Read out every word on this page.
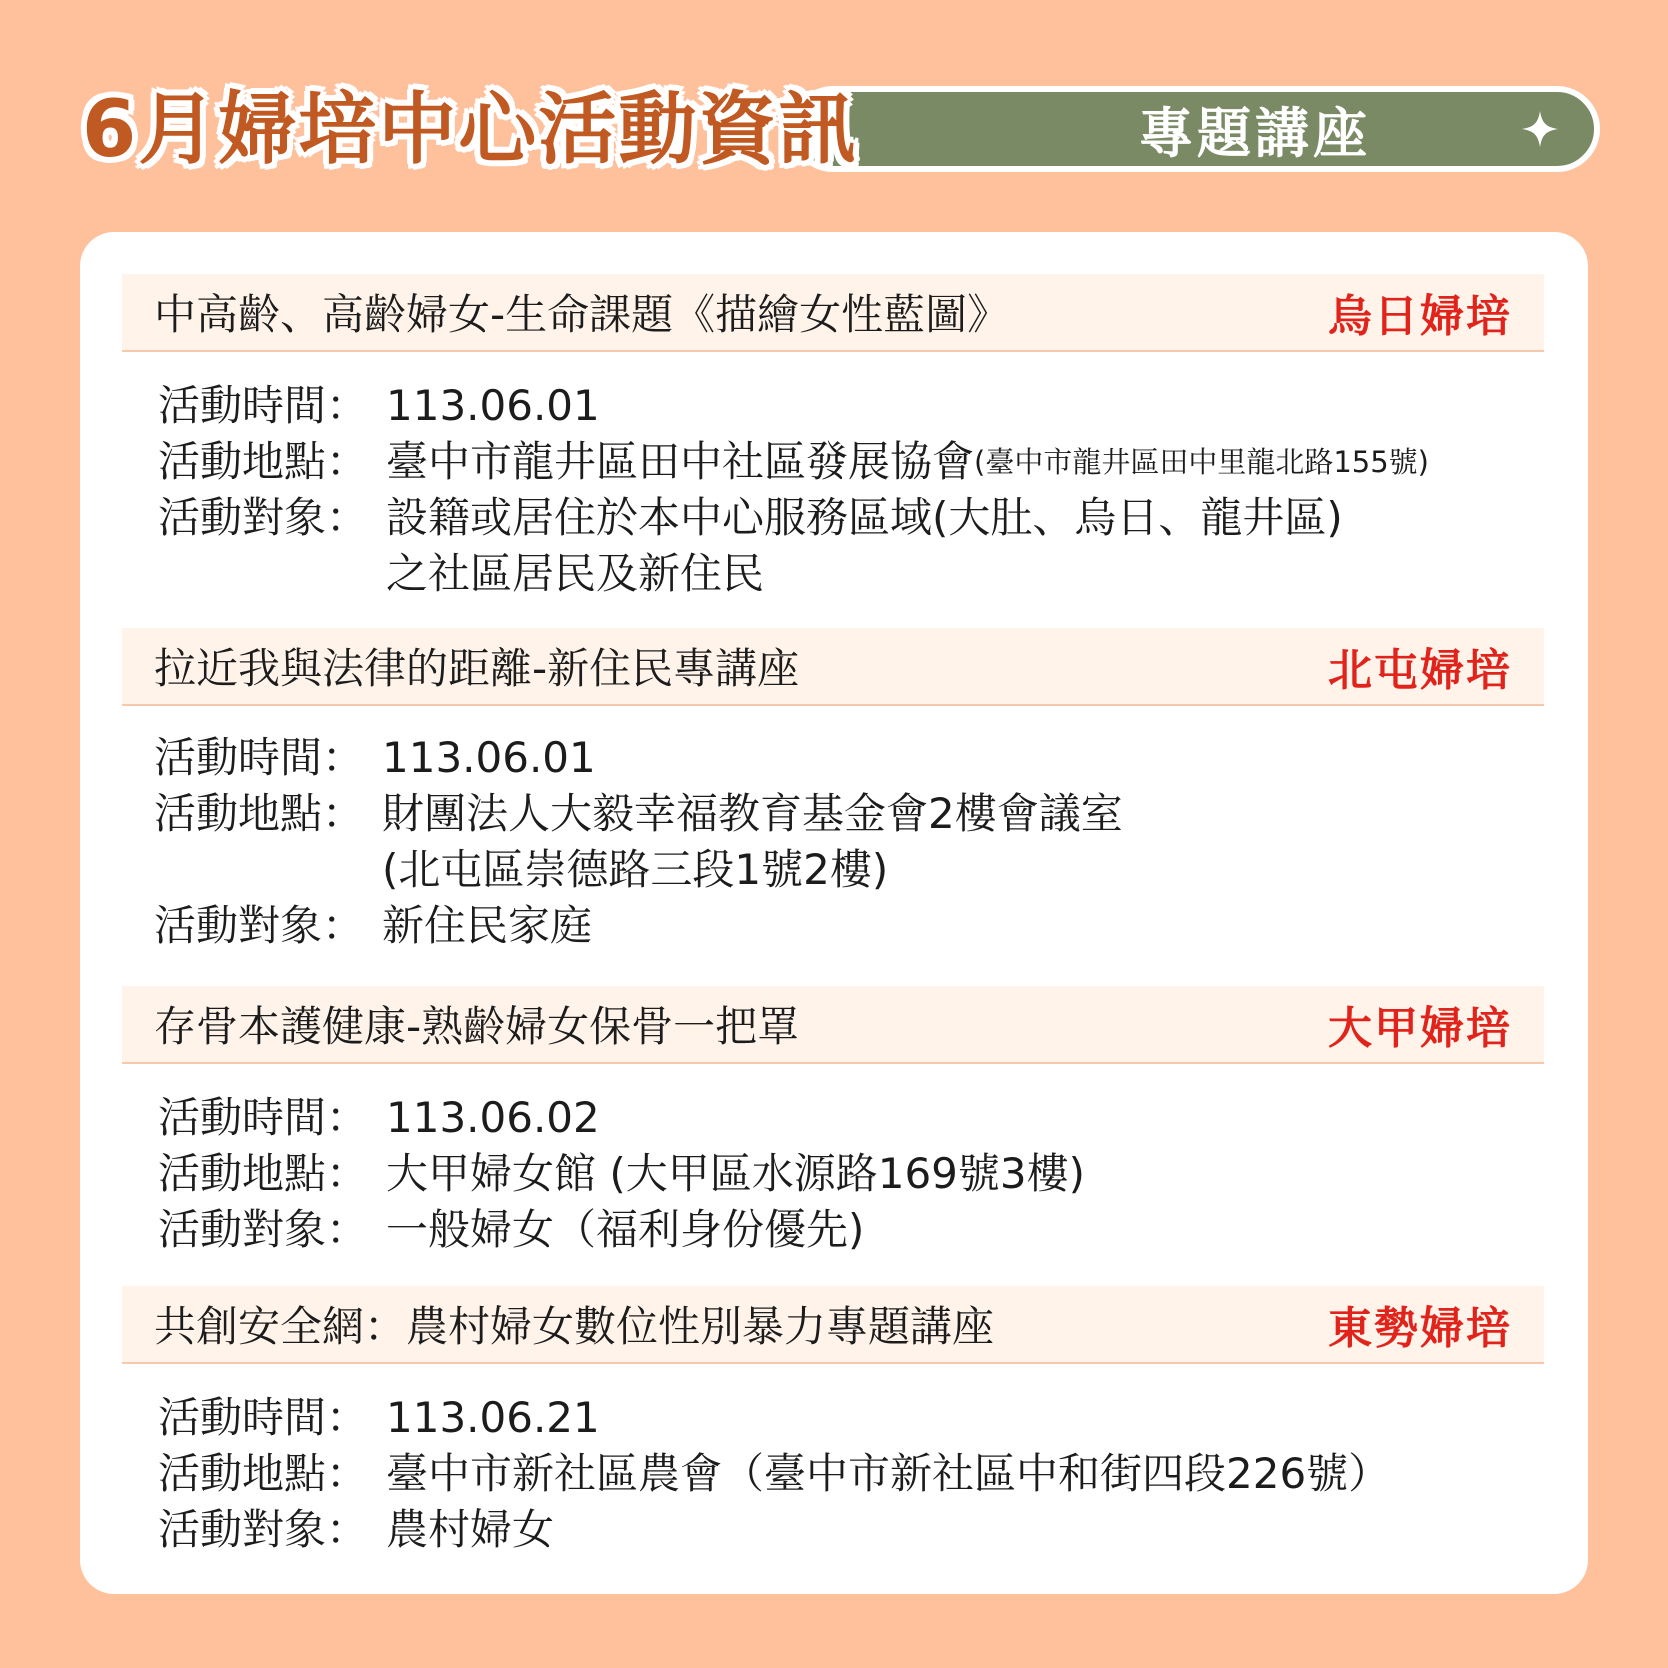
專題講座
6月婦培中心活動資訊
中高齡、高齡婦女-生命課題《描繪女性藍圖》	烏日婦培
活動時間： 113.06.01
活動地點： 臺中市龍井區田中社區發展協會 (臺中市龍井區田中里龍北路155號)
活動對象： 設籍或居住於本中心服務區域(大肚、烏日、龍井區)
之社區居民及新住民
拉近我與法律的距離-新住民專講座	北屯婦培
活動時間： 113.06.01
活動地點： 財團法人大毅幸福教育基金會2樓會議室
(北屯區崇德路三段1號2樓)
活動對象： 新住民家庭
存骨本護健康-熟齡婦女保骨一把罩	大甲婦培
活動時間： 113.06.02
活動地點： 大甲婦女館 (大甲區水源路169號3樓)
活動對象： 一般婦女（福利身份優先)
共創安全網：農村婦女數位性別暴力專題講座	東勢婦培
活動時間： 113.06.21
活動地點： 臺中市新社區農會（臺中市新社區中和街四段226號）
活動對象： 農村婦女
